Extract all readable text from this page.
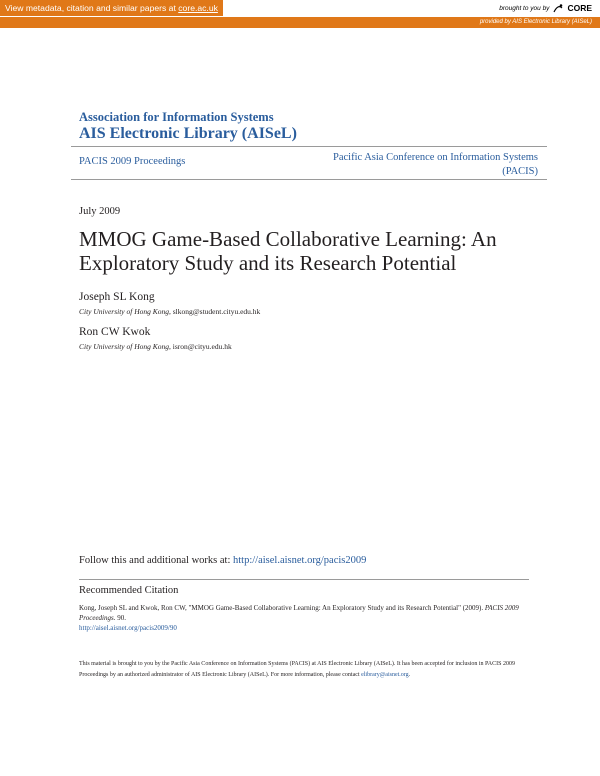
View metadata, citation and similar papers at core.ac.uk	brought to you by CORE
provided by AIS Electronic Library (AISeL)
Association for Information Systems
AIS Electronic Library (AISeL)
PACIS 2009 Proceedings	Pacific Asia Conference on Information Systems
(PACIS)
July 2009
MMOG Game-Based Collaborative Learning: An Exploratory Study and its Research Potential
Joseph SL Kong
City University of Hong Kong, slkong@student.cityu.edu.hk
Ron CW Kwok
City University of Hong Kong, isron@cityu.edu.hk
Follow this and additional works at: http://aisel.aisnet.org/pacis2009
Recommended Citation
Kong, Joseph SL and Kwok, Ron CW, "MMOG Game-Based Collaborative Learning: An Exploratory Study and its Research Potential" (2009). PACIS 2009 Proceedings. 90.
http://aisel.aisnet.org/pacis2009/90
This material is brought to you by the Pacific Asia Conference on Information Systems (PACIS) at AIS Electronic Library (AISeL). It has been accepted for inclusion in PACIS 2009 Proceedings by an authorized administrator of AIS Electronic Library (AISeL). For more information, please contact elibrary@aisnet.org.
